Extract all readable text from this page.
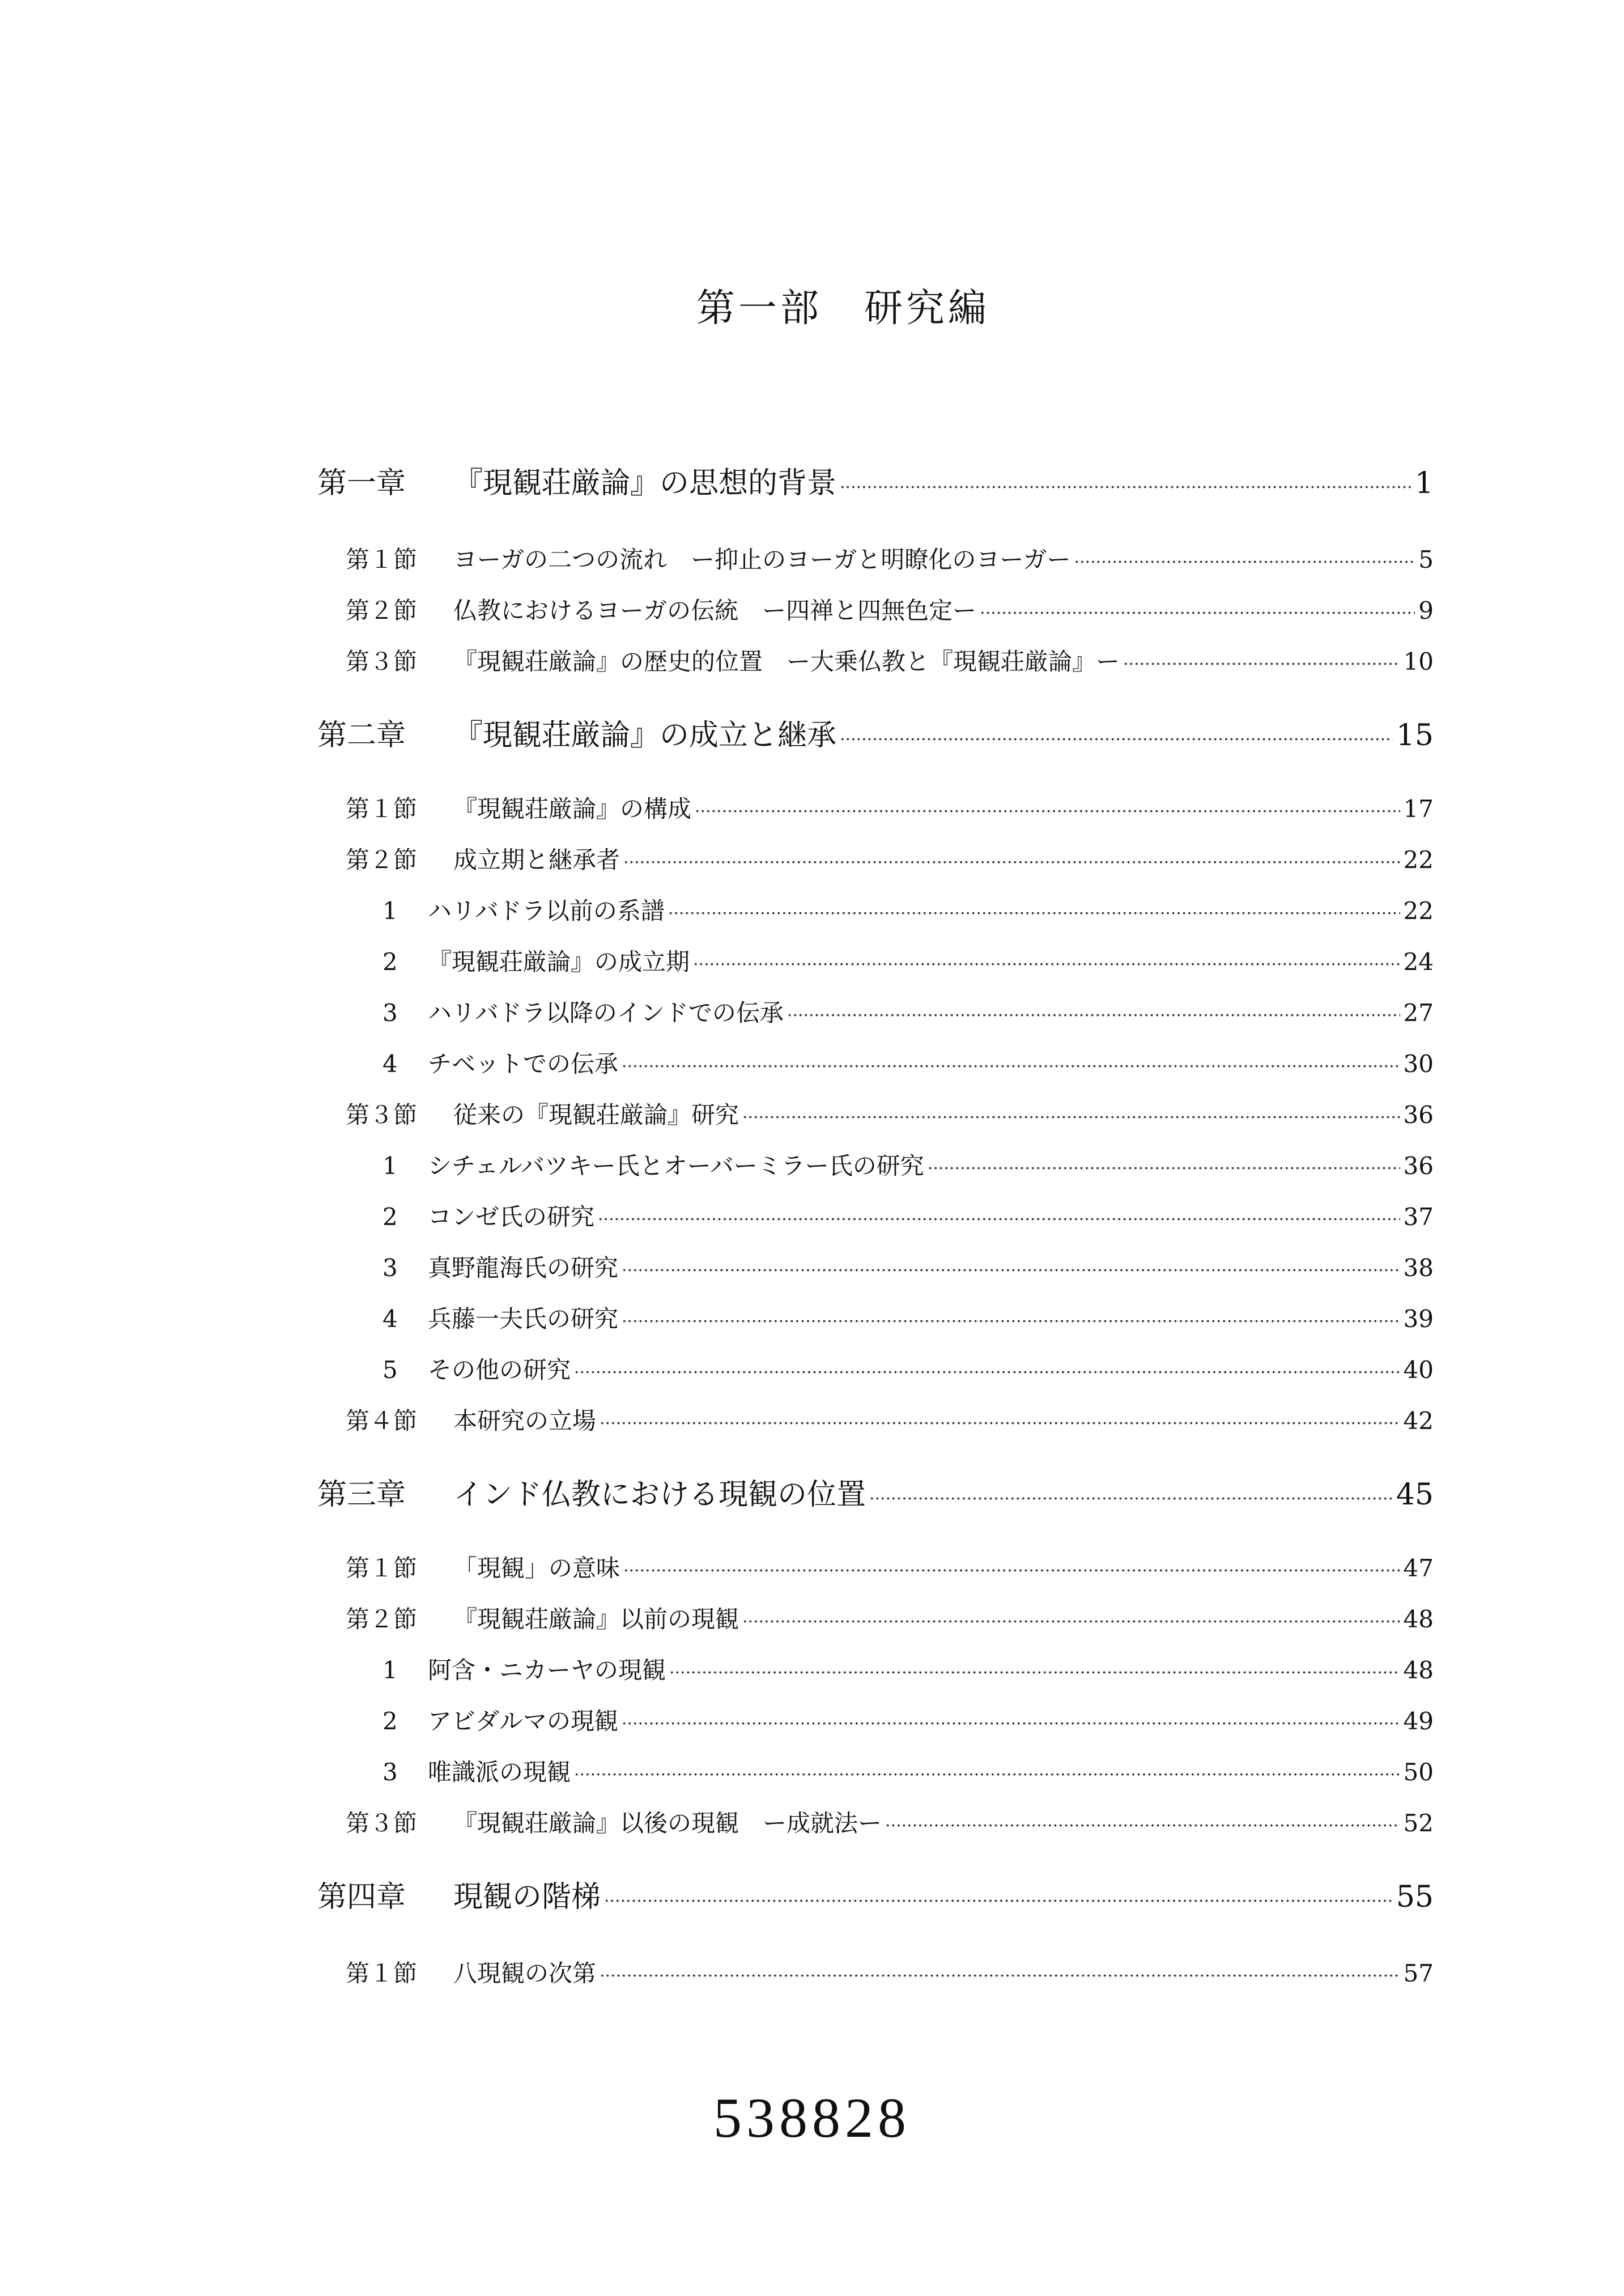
第一部　研究編
第一章 『現観荘厳論』の思想的背景 ·····	1
第１節 ヨーガの二つの流れ　ー抑止のヨーガと明瞭化のヨーガー ·····	5
第２節 仏教におけるヨーガの伝統　ー四禅と四無色定ー ·····	9
第３節 『現観荘厳論』の歴史的位置　ー大乗仏教と『現観荘厳論』ー ·····	10
第二章 『現観荘厳論』の成立と継承 ·····	15
第１節 『現観荘厳論』の構成 ·····	17
第２節 成立期と継承者 ·····	22
1 ハリバドラ以前の系譜 ·····	22
2 『現観荘厳論』の成立期 ·····	24
3 ハリバドラ以降のインドでの伝承 ·····	27
4 チベットでの伝承 ·····	30
第３節 従来の『現観荘厳論』研究 ·····	36
1 シチェルバツキー氏とオーバーミラー氏の研究 ·····	36
2 コンゼ氏の研究 ·····	37
3 真野龍海氏の研究 ·····	38
4 兵藤一夫氏の研究 ·····	39
5 その他の研究 ·····	40
第４節 本研究の立場 ·····	42
第三章 インド仏教における現観の位置 ·····	45
第１節 「現観」の意味 ·····	47
第２節 『現観荘厳論』以前の現観 ·····	48
1 阿含・ニカーヤの現観 ·····	48
2 アビダルマの現観 ·····	49
3 唯識派の現観 ·····	50
第３節 『現観荘厳論』以後の現観　ー成就法ー ·····	52
第四章 現観の階梯 ·····	55
第１節 八現観の次第 ·····	57
538828
